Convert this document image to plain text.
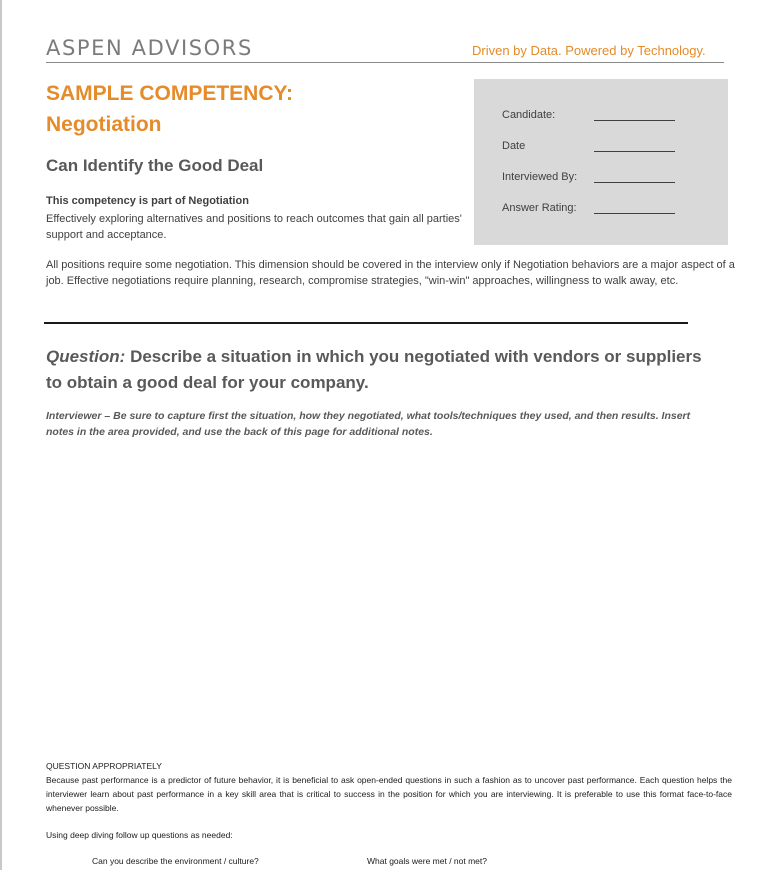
ASPEN ADVISORS	Driven by Data. Powered by Technology.
SAMPLE COMPETENCY:
Negotiation
Can Identify the Good Deal
Candidate:
Date
Interviewed By:
Answer Rating:
This competency is part of Negotiation
Effectively exploring alternatives and positions to reach outcomes that gain all parties' support and acceptance.
All positions require some negotiation. This dimension should be covered in the interview only if Negotiation behaviors are a major aspect of a job. Effective negotiations require planning, research, compromise strategies, "win-win" approaches, willingness to walk away, etc.
Question: Describe a situation in which you negotiated with vendors or suppliers to obtain a good deal for your company.
Interviewer – Be sure to capture first the situation, how they negotiated, what tools/techniques they used, and then results. Insert notes in the area provided, and use the back of this page for additional notes.
QUESTION APPROPRIATELY
Because past performance is a predictor of future behavior, it is beneficial to ask open-ended questions in such a fashion as to uncover past performance. Each question helps the interviewer learn about past performance in a key skill area that is critical to success in the position for which you are interviewing. It is preferable to use this format face-to-face whenever possible.
Using deep diving follow up questions as needed:
Can you describe the environment / culture?	What goals were met / not met?
